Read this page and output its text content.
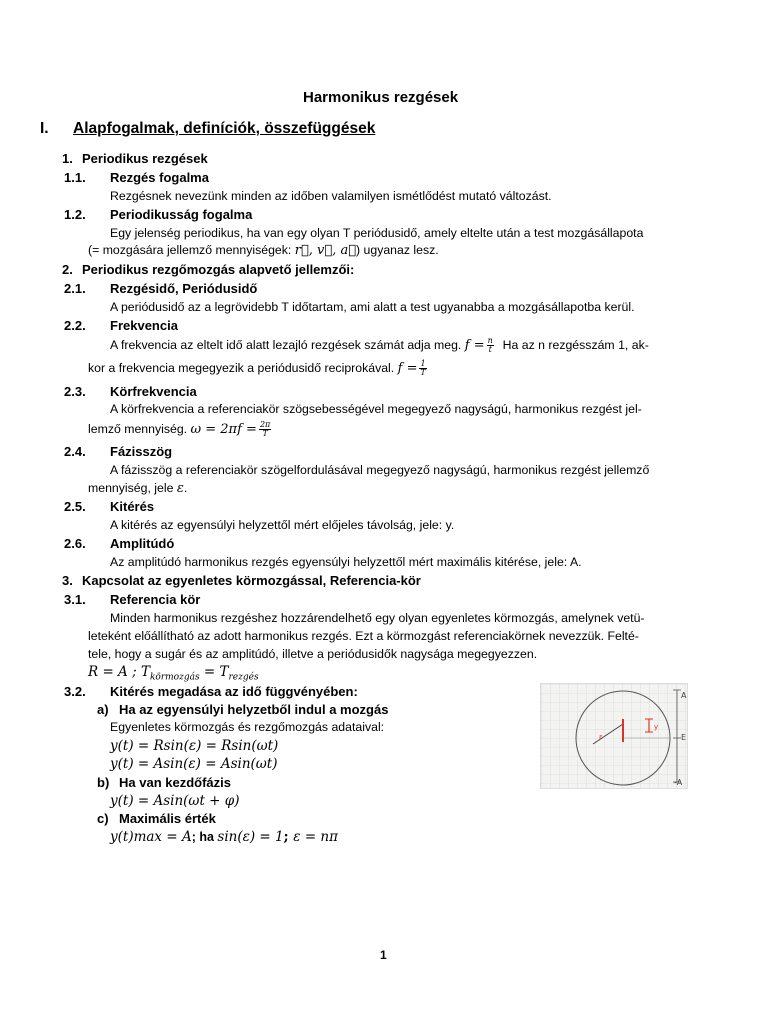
Harmonikus rezgések
I. Alapfogalmak, definíciók, összefüggések
1. Periodikus rezgések
1.1. Rezgés fogalma
Rezgésnek nevezünk minden az időben valamilyen ismétlődést mutató változást.
1.2. Periodikusság fogalma
Egy jelenség periodikus, ha van egy olyan T periódusidő, amely eltelte után a test mozgásállapota
(= mozgására jellemző mennyiségek: r⃗, v⃗, a⃗) ugyanaz lesz.
2. Periodikus rezgőmozgás alapvető jellemzői:
2.1. Rezgésidő, Periódusidő
A periódusidő az a legrövidebb T időtartam, ami alatt a test ugyanabba a mozgásállapotba kerül.
2.2. Frekvencia
A frekvencia az eltelt idő alatt lezajló rezgések számát adja meg. $f = \frac{n}{t}$ Ha az n rezgésszám 1, ak-
kor a frekvencia megegyezik a periódusidő reciprokával. $f = \frac{1}{T}$
2.3. Körfrekvencia
A körfrekvencia a referenciakör szögsebességével megegyező nagyságú, harmonikus rezgést jel-
lemző mennyiség. $\omega = 2\pi f = \frac{2\pi}{T}$
2.4. Fázisszög
A fázisszög a referenciakör szögelfordulásával megegyező nagyságú, harmonikus rezgést jellemző
mennyiség, jele ε.
2.5. Kitérés
A kitérés az egyensúlyi helyzettől mért előjeles távolság, jele: y.
2.6. Amplitúdó
Az amplitúdó harmonikus rezgés egyensúlyi helyzettől mért maximális kitérése, jele: A.
3. Kapcsolat az egyenletes körmozgással, Referencia-kör
3.1. Referencia kör
Minden harmonikus rezgéshez hozzárendelhető egy olyan egyenletes körmozgás, amelynek vetü-
leteként előállítható az adott harmonikus rezgés. Ezt a körmozgást referenciakörnek nevezzük. Felté-
tele, hogy a sugár és az amplitúdó, illetve a periódusidők nagysága megegyezzen.
R = A ; $T_{körmozgás} = T_{rezgés}$
3.2. Kitérés megadása az idő függvényében:
a) Ha az egyensúlyi helyzetből indul a mozgás
Egyenletes körmozgás és rezgőmozgás adataival:
y(t) = Rsin(ε) = Rsin(ωt)
y(t) = Asin(ε) = Asin(ωt)
b) Ha van kezdőfázis
y(t) = Asin(ωt + φ)
c) Maximális érték
y(t)max = A; ha sin(ε) = 1; ε = nπ
A
E
-A
y
ε
1
